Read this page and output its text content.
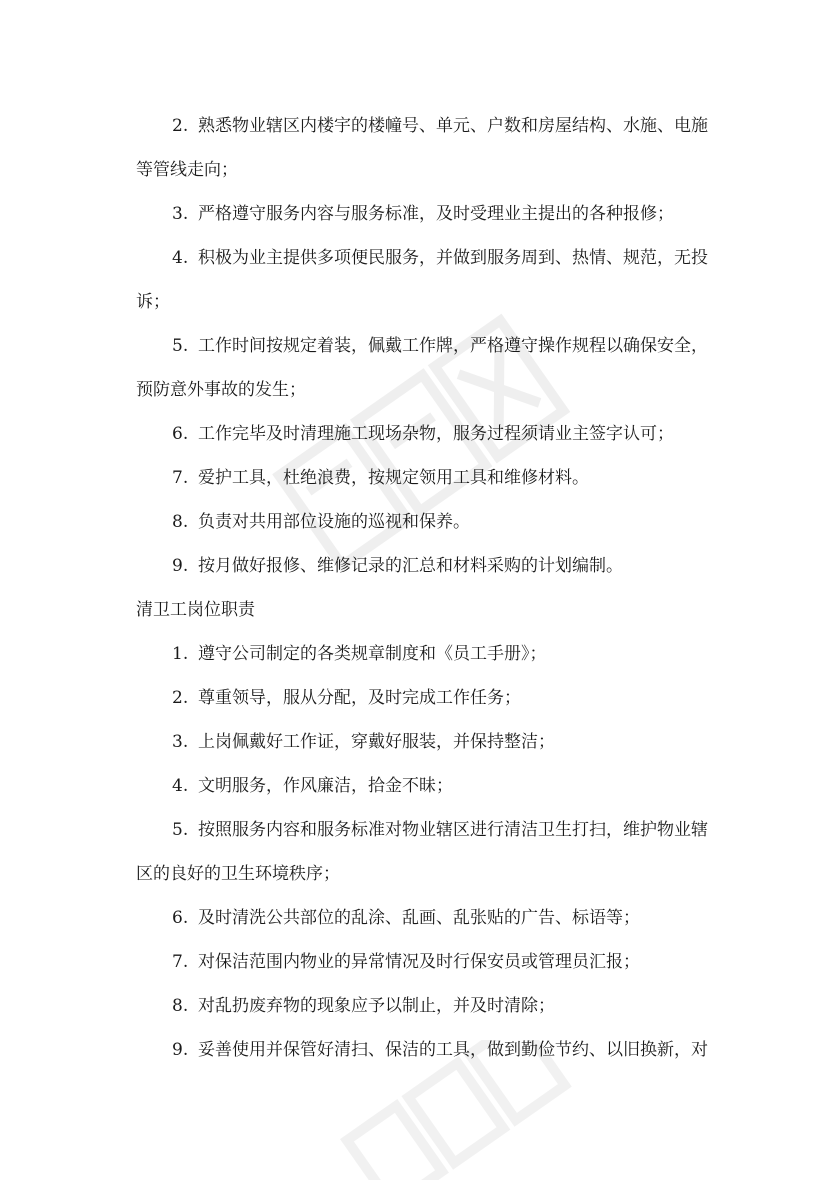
2. 熟悉物业辖区内楼宇的楼幢号、单元、户数和房屋结构、水施、电施
等管线走向；

3. 严格遵守服务内容与服务标准，及时受理业主提出的各种报修；

4. 积极为业主提供多项便民服务，并做到服务周到、热情、规范，无投
诉；

5. 工作时间按规定着装，佩戴工作牌，严格遵守操作规程以确保安全，
预防意外事故的发生；

6. 工作完毕及时清理施工现场杂物，服务过程须请业主签字认可；

7. 爱护工具，杜绝浪费，按规定领用工具和维修材料。

8. 负责对共用部位设施的巡视和保养。

9. 按月做好报修、维修记录的汇总和材料采购的计划编制。

清卫工岗位职责

1. 遵守公司制定的各类规章制度和《员工手册》；

2. 尊重领导，服从分配，及时完成工作任务；

3. 上岗佩戴好工作证，穿戴好服装，并保持整洁；

4. 文明服务，作风廉洁，拾金不昧；

5. 按照服务内容和服务标准对物业辖区进行清洁卫生打扫，维护物业辖
区的良好的卫生环境秩序；

6. 及时清洗公共部位的乱涂、乱画、乱张贴的广告、标语等；

7. 对保洁范围内物业的异常情况及时行保安员或管理员汇报；

8. 对乱扔废弃物的现象应予以制止，并及时清除；

9. 妥善使用并保管好清扫、保洁的工具，做到勤俭节约、以旧换新，对
